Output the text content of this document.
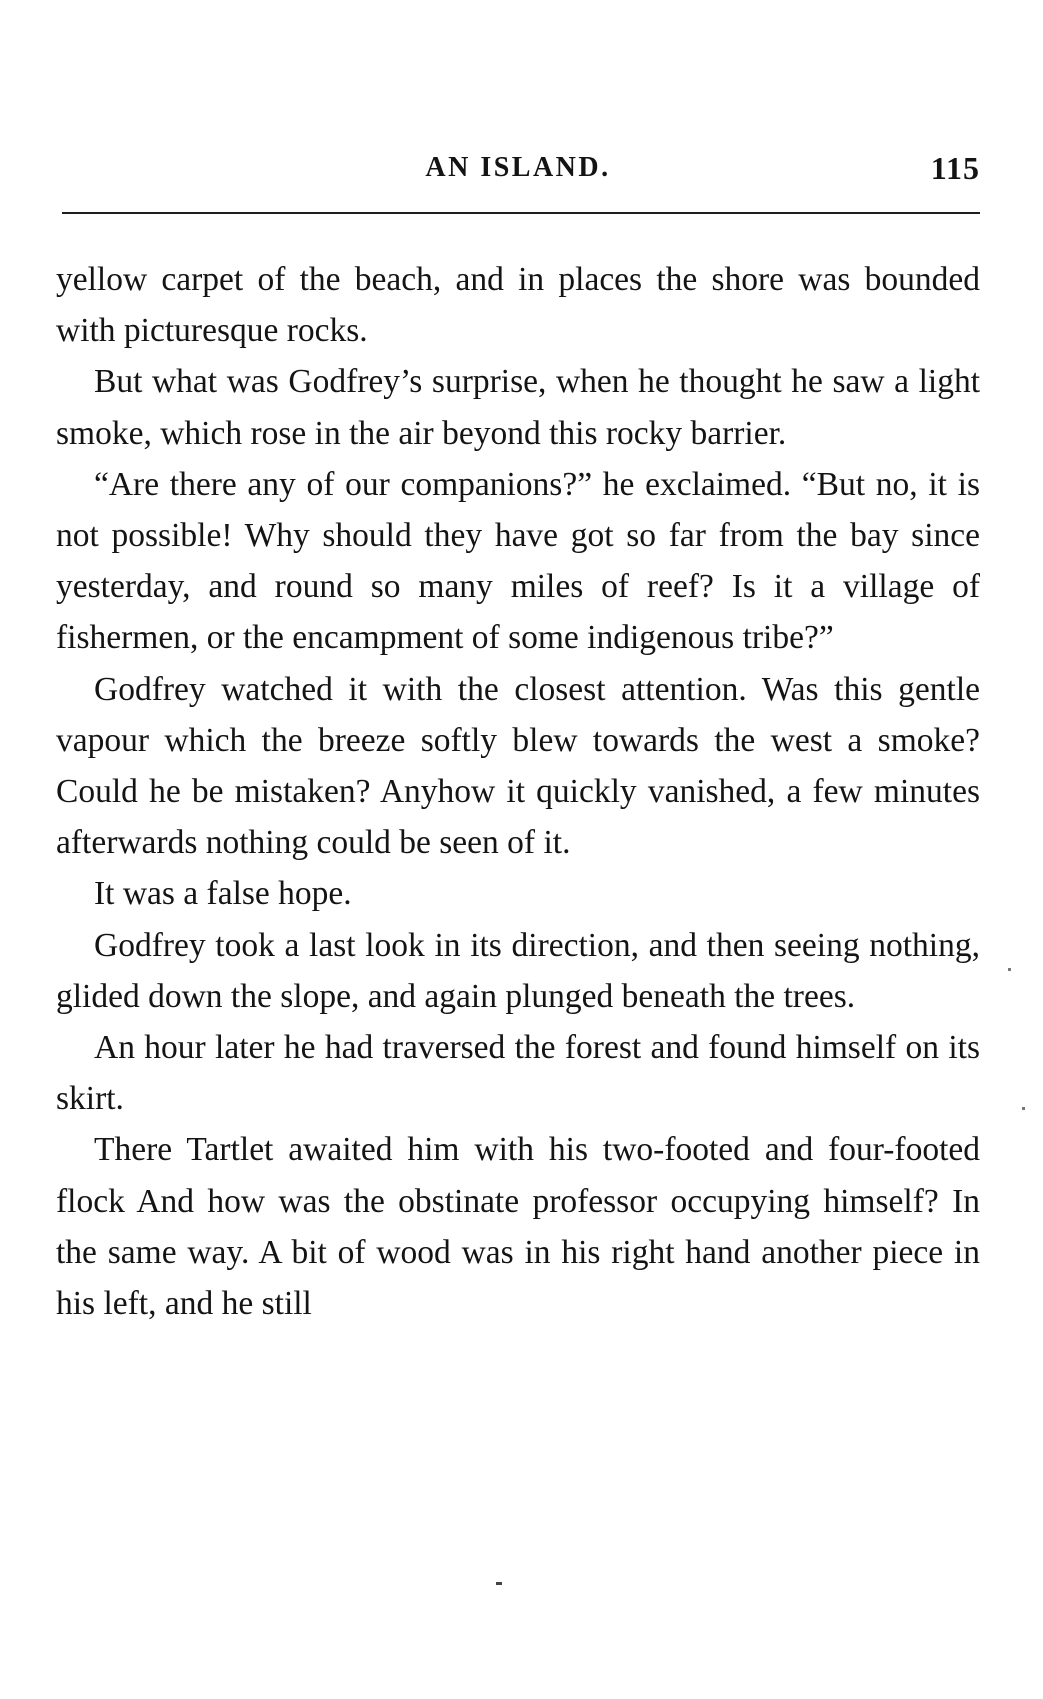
AN ISLAND.	115

yellow carpet of the beach, and in places the shore was bounded with picturesque rocks.

But what was Godfrey’s surprise, when he thought he saw a light smoke, which rose in the air beyond this rocky barrier.

“Are there any of our companions?” he exclaimed. “But no, it is not possible! Why should they have got so far from the bay since yesterday, and round so many miles of reef? Is it a village of fishermen, or the encampment of some indigenous tribe?”

Godfrey watched it with the closest attention. Was this gentle vapour which the breeze softly blew towards the west a smoke? Could he be mistaken? Anyhow it quickly vanished, a few minutes afterwards nothing could be seen of it.

It was a false hope.

Godfrey took a last look in its direction, and then seeing nothing, glided down the slope, and again plunged beneath the trees.

An hour later he had traversed the forest and found himself on its skirt.

There Tartlet awaited him with his two-footed and four-footed flock And how was the obstinate professor occupying himself? In the same way. A bit of wood was in his right hand another piece in his left, and he still
